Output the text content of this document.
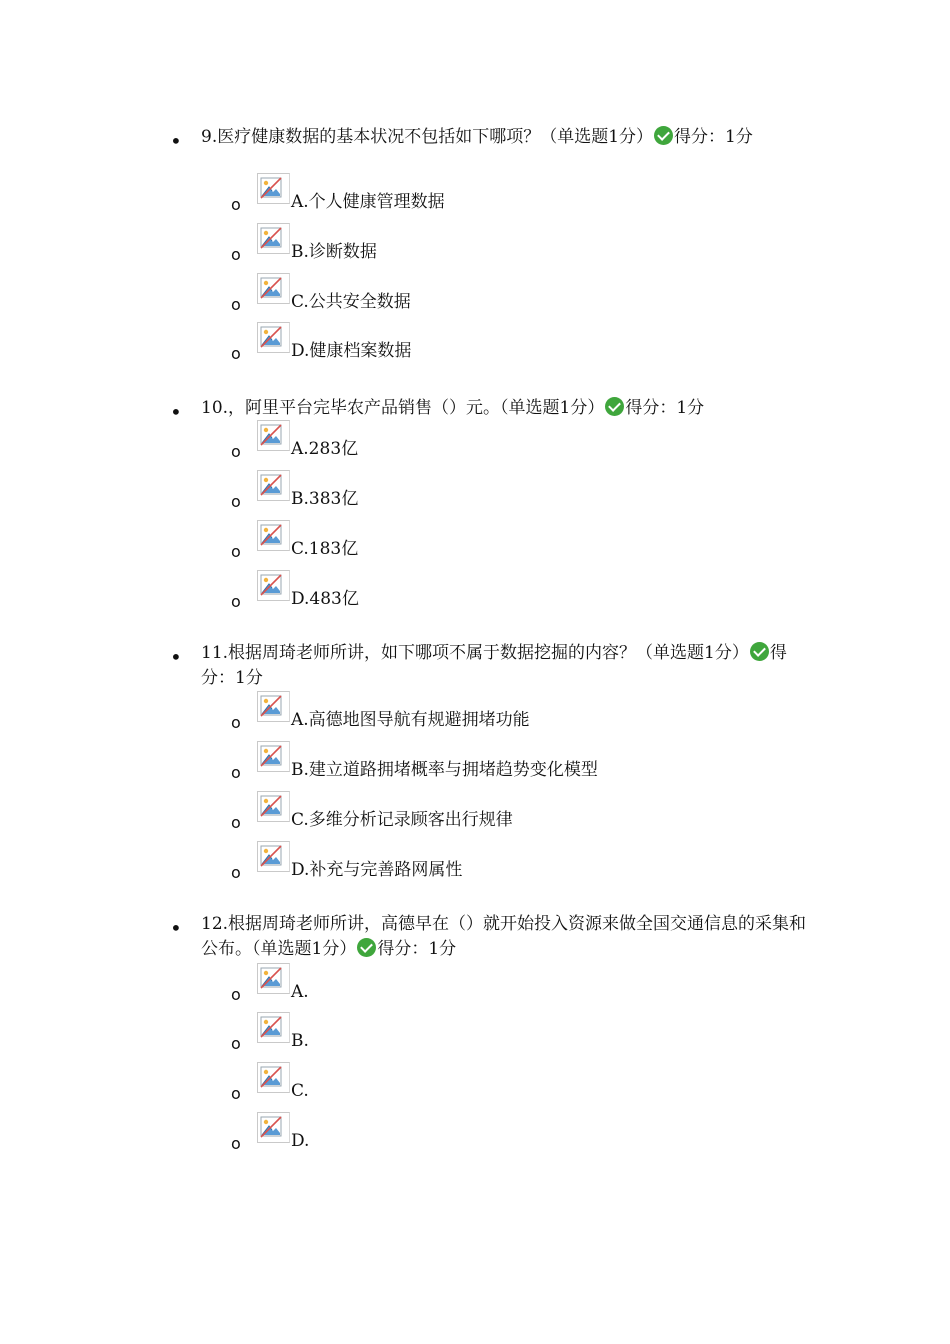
• 9.医疗健康数据的基本状况不包括如下哪项？（单选题1分） 得分：1分
o	A.个人健康管理数据
o	B.诊断数据
o	C.公共安全数据
o	D.健康档案数据
• 10.，阿里平台完毕农产品销售（）元。（单选题1分） 得分：1分
o	A.283亿
o	B.383亿
o	C.183亿
o	D.483亿
• 11.根据周琦老师所讲，如下哪项不属于数据挖掘的内容？（单选题1分） 得分：1分
o	A.高德地图导航有规避拥堵功能
o	B.建立道路拥堵概率与拥堵趋势变化模型
o	C.多维分析记录顾客出行规律
o	D.补充与完善路网属性
• 12.根据周琦老师所讲，高德早在（）就开始投入资源来做全国交通信息的采集和公布。（单选题1分） 得分：1分
o	A.
o	B.
o	C.
o	D.
